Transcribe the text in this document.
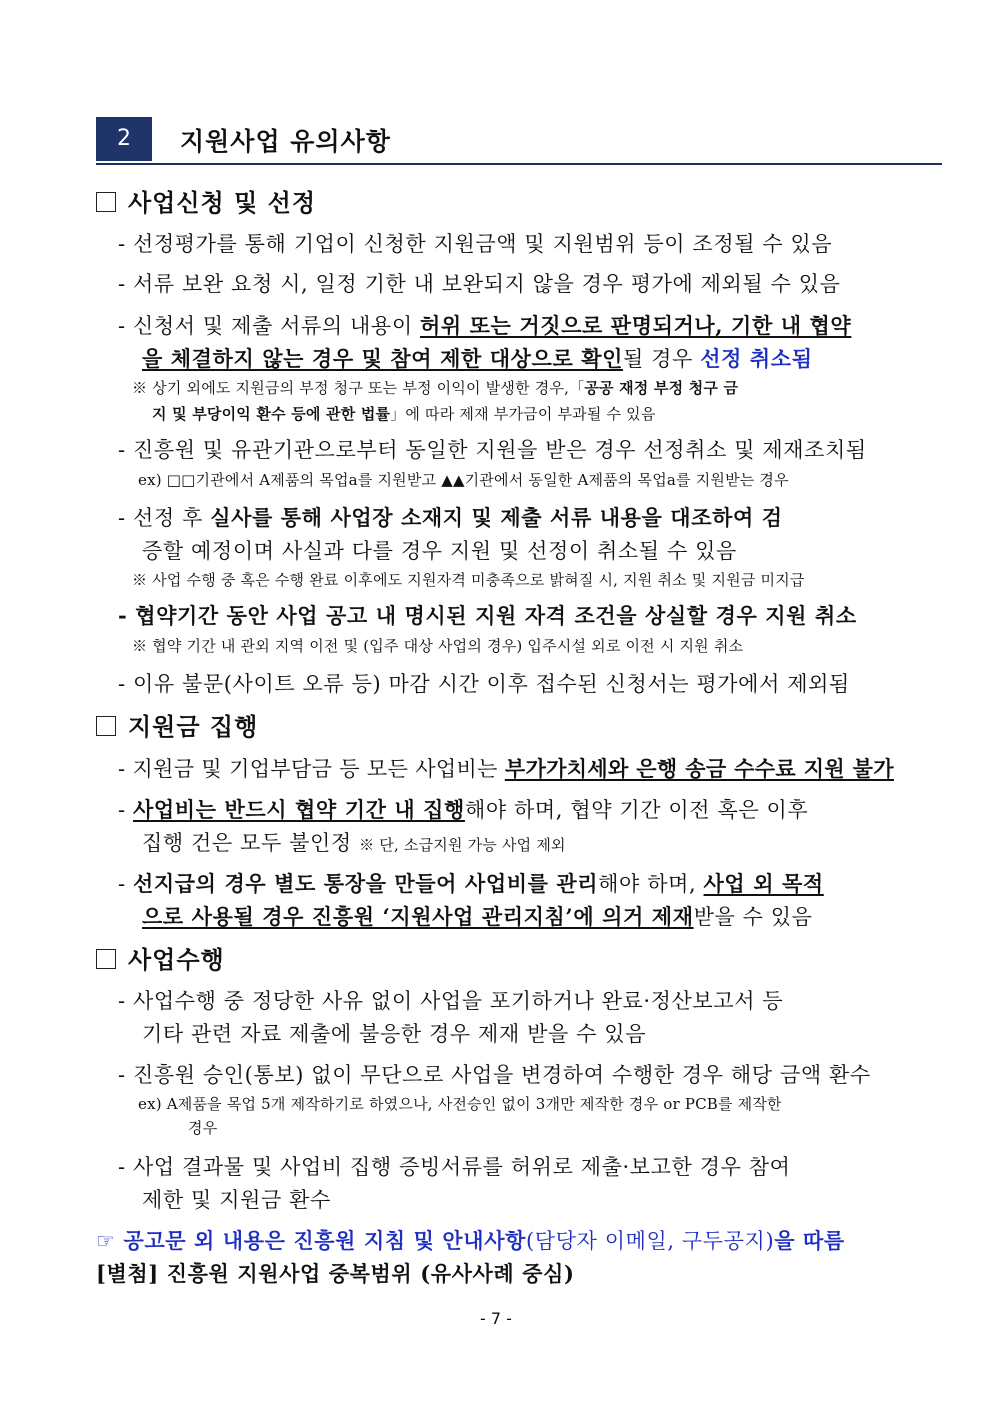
2	지원사업 유의사항
사업신청 및 선정
- 선정평가를 통해 기업이 신청한 지원금액 및 지원범위 등이 조정될 수 있음
- 서류 보완 요청 시, 일정 기한 내 보완되지 않을 경우 평가에 제외될 수 있음
- 신청서 및 제출 서류의 내용이 허위 또는 거짓으로 판명되거나, 기한 내 협약
을 체결하지 않는 경우 및 참여 제한 대상으로 확인될 경우 선정 취소됨
※ 상기 외에도 지원금의 부정 청구 또는 부정 이익이 발생한 경우,「공공 재정 부정 청구 금
지 및 부당이익 환수 등에 관한 법률」에 따라 제재 부가금이 부과될 수 있음
- 진흥원 및 유관기관으로부터 동일한 지원을 받은 경우 선정취소 및 제재조치됨
ex) □□기관에서 A제품의 목업a를 지원받고 ▲▲기관에서 동일한 A제품의 목업a를 지원받는 경우
- 선정 후 실사를 통해 사업장 소재지 및 제출 서류 내용을 대조하여 검
증할 예정이며 사실과 다를 경우 지원 및 선정이 취소될 수 있음
※ 사업 수행 중 혹은 수행 완료 이후에도 지원자격 미충족으로 밝혀질 시, 지원 취소 및 지원금 미지급
- 협약기간 동안 사업 공고 내 명시된 지원 자격 조건을 상실할 경우 지원 취소
※ 협약 기간 내 관외 지역 이전 및 (입주 대상 사업의 경우) 입주시설 외로 이전 시 지원 취소
- 이유 불문(사이트 오류 등) 마감 시간 이후 접수된 신청서는 평가에서 제외됨
지원금 집행
- 지원금 및 기업부담금 등 모든 사업비는 부가가치세와 은행 송금 수수료 지원 불가
- 사업비는 반드시 협약 기간 내 집행해야 하며, 협약 기간 이전 혹은 이후
집행 건은 모두 불인정 ※ 단, 소급지원 가능 사업 제외
- 선지급의 경우 별도 통장을 만들어 사업비를 관리해야 하며, 사업 외 목적
으로 사용될 경우 진흥원 ‘지원사업 관리지침’에 의거 제재받을 수 있음
사업수행
- 사업수행 중 정당한 사유 없이 사업을 포기하거나 완료·정산보고서 등
기타 관련 자료 제출에 불응한 경우 제재 받을 수 있음
- 진흥원 승인(통보) 없이 무단으로 사업을 변경하여 수행한 경우 해당 금액 환수
ex) A제품을 목업 5개 제작하기로 하였으나, 사전승인 없이 3개만 제작한 경우 or PCB를 제작한
경우
- 사업 결과물 및 사업비 집행 증빙서류를 허위로 제출·보고한 경우 참여
제한 및 지원금 환수
☞ 공고문 외 내용은 진흥원 지침 및 안내사항(담당자 이메일, 구두공지)을 따름
[별첨] 진흥원 지원사업 중복범위 (유사사례 중심)
- 7 -
